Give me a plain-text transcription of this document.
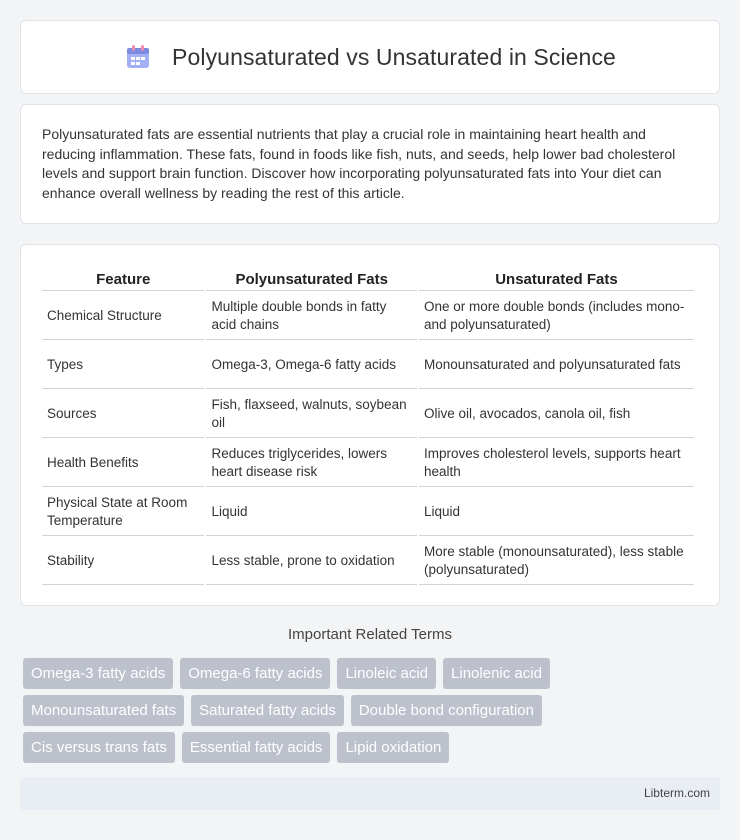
Polyunsaturated vs Unsaturated in Science

Polyunsaturated fats are essential nutrients that play a crucial role in maintaining heart health and reducing inflammation. These fats, found in foods like fish, nuts, and seeds, help lower bad cholesterol levels and support brain function. Discover how incorporating polyunsaturated fats into Your diet can enhance overall wellness by reading the rest of this article.

Feature	Polyunsaturated Fats	Unsaturated Fats
Chemical Structure	Multiple double bonds in fatty acid chains	One or more double bonds (includes mono- and polyunsaturated)
Types	Omega-3, Omega-6 fatty acids	Monounsaturated and polyunsaturated fats
Sources	Fish, flaxseed, walnuts, soybean oil	Olive oil, avocados, canola oil, fish
Health Benefits	Reduces triglycerides, lowers heart disease risk	Improves cholesterol levels, supports heart health
Physical State at Room Temperature	Liquid	Liquid
Stability	Less stable, prone to oxidation	More stable (monounsaturated), less stable (polyunsaturated)
Important Related Terms
Omega-3 fatty acids	Omega-6 fatty acids	Linoleic acid	Linolenic acid
Monounsaturated fats	Saturated fatty acids	Double bond configuration
Cis versus trans fats	Essential fatty acids	Lipid oxidation
Libterm.com
